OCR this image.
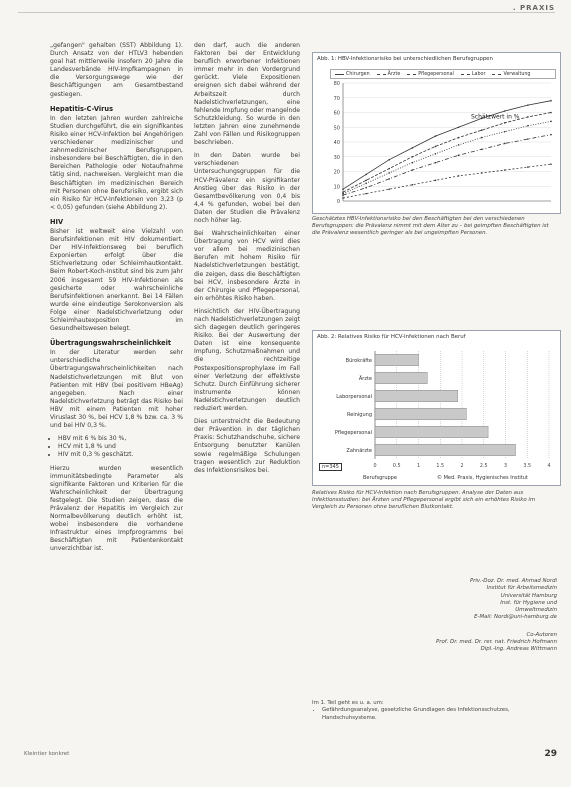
. PRAXIS

„gefangen" gehalten (SST) Abbildung 1). Durch Ansatz von der HTLV3 hebenden goal hat mittlerweile insofern 20 Jahre die Landesverbände HIV-Impfkampagnen in die Versorgungswege wie der Beschäftigungen am Gesamtbestand gestiegen.

Hepatitis-C-Virus

In den letzten Jahren wurden zahlreiche Studien durchgeführt, die ein signifikantes Risiko einer HCV-Infektion bei Angehörigen verschiedener medizinischer und zahnmedizinischer Berufsgruppen, insbesondere bei Beschäftigten, die in den Bereichen Pathologie oder Notaufnahme tätig sind, nachweisen. Vergleicht man die Beschäftigten im medizinischen Bereich mit Personen ohne Berufsrisiko, ergibt sich ein Risiko für HCV-Infektionen von 3,23 (p < 0,05) gefunden (siehe Abbildung 2).

HIV

Bisher ist weltweit eine Vielzahl von Berufsinfektionen mit HIV dokumentiert. Der HIV-Infektionsweg bei beruflich Exponierten erfolgt über die Stichverletzung oder Schleimhautkontakt. Beim Robert-Koch-Institut sind bis zum Jahr 2006 insgesamt 59 HIV-Infektionen als gesicherte oder wahrscheinliche Berufsinfektionen anerkannt. Bei 14 Fällen wurde eine eindeutige Serokonversion als Folge einer Nadelstichverletzung oder Schleimhautexposition im Gesundheitswesen belegt.

Übertragungswahrscheinlichkeit

In der Literatur werden sehr unterschiedliche Übertragungswahrscheinlichkeiten nach Nadelstichverletzungen mit Blut von Patienten mit HBV (bei positivem HBeAg) angegeben. Nach einer Nadelstichverletzung beträgt das Risiko bei HBV mit einem Patienten mit hoher Viruslast 30 %, bei HCV 1,8 % bzw. ca. 3 % und bei HIV 0,3 %.

• HBV mit 6 % bis 30 %,
• HCV mit 1,8 % und
• HIV mit 0,3 % geschätzt.

Hierzu wurden wesentlich immunitätsbedingte Parameter als signifikante Faktoren und Kriterien für die Wahrscheinlichkeit der Übertragung festgelegt. Die Studien zeigen, dass die Prävalenz der Hepatitis im Vergleich zur Normalbevölkerung deutlich erhöht ist, wobei insbesondere die vorhandene Infrastruktur eines Impfprogramms bei Beschäftigten mit Patientenkontakt unverzichtbar ist.

den darf, auch die anderen Faktoren bei der Entwicklung beruflich erworbener Infektionen immer mehr in den Vordergrund gerückt. Viele Expositionen ereignen sich dabei während der Arbeitszeit durch Nadelstichverletzungen, eine fehlende Impfung oder mangelnde Schutzkleidung. So wurde in den letzten Jahren eine zunehmende Zahl von Fällen und Risikogruppen beschrieben.

In den Daten wurde bei verschiedenen Untersuchungsgruppen für die HCV-Prävalenz ein signifikanter Anstieg über das Risiko in der Gesamtbevölkerung von 0,4 bis 4,4 % gefunden, wobei bei den Daten der Studien die Prävalenz noch höher lag.

Bei Wahrscheinlichkeiten einer Übertragung von HCV wird dies vor allem bei medizinischen Berufen mit hohem Risiko für Nadelstichverletzungen bestätigt, die zeigen, dass die Beschäftigten bei HCV, insbesondere Ärzte in der Chirurgie und Pflegepersonal, ein erhöhtes Risiko haben.

Hinsichtlich der HIV-Übertragung nach Nadelstichverletzungen zeigt sich dagegen deutlich geringeres Risiko. Bei der Auswertung der Daten ist eine konsequente Impfung, Schutzmaßnahmen und die rechtzeitige Postexpositionsprophylaxe im Fall einer Verletzung der effektivste Schutz. Durch Einführung sicherer Instrumente können Nadelstichverletzungen deutlich reduziert werden.

Dies unterstreicht die Bedeutung der Prävention in der täglichen Praxis: Schutzhandschuhe, sichere Entsorgung benutzter Kanülen sowie regelmäßige Schulungen tragen wesentlich zur Reduktion des Infektionsrisikos bei.

Abb. 1: HBV-Infektionsrisiko bei unterschiedlichen Berufsgruppen
Chirurgen	Ärzte	Pflegepersonal	Labor	Verwaltung
0
10
20
30
40
50
60
70
80
Schätzwert in %
Geschätztes HBV-Infektionsrisiko bei den Beschäftigten bei den verschiedenen Berufsgruppen: die Prävalenz nimmt mit dem Alter zu – bei geimpften Beschäftigten ist die Prävalenz wesentlich geringer als bei ungeimpften Personen.
Abb. 2: Relatives Risiko für HCV-Infektionen nach Beruf
0	0.5	1	1.5	2	2.5	3	3.5	4
Bürokräfte
Ärzte
Laborpersonal
Reinigung
Pflegepersonal
Zahnärzte
n=345
Berufsgruppe	© Med. Praxis, Hygienisches Institut
Relatives Risiko für HCV-Infektion nach Berufsgruppen. Analyse der Daten aus Infektionsstudien: bei Ärzten und Pflegepersonal ergibt sich ein erhöhtes Risiko im Vergleich zu Personen ohne beruflichen Blutkontakt.
Priv.-Doz. Dr. med. Ahmad Nordi
Institut für Arbeitsmedizin
Universität Hamburg
Inst. für Hygiene und
Umweltmedizin
E-Mail: Nordi@uni-hamburg.de
Co-Autoren
Prof. Dr. med. Dr. rer. nat. Friedrich Hofmann
Dipl.-Ing. Andreas Wittmann
Im 1. Teil geht es u. a. um:
• Gefährdungsanalyse, gesetzliche Grundlagen des Infektionsschutzes, Handschuhsysteme.
Kleintier konkret	29
